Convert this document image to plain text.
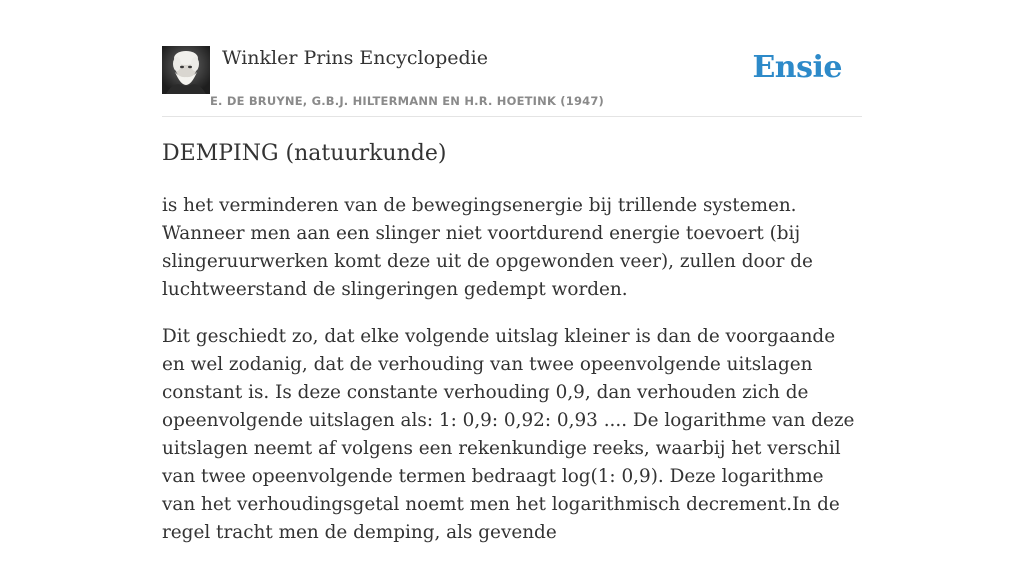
Winkler Prins Encyclopedie
E. DE BRUYNE, G.B.J. HILTERMANN EN H.R. HOETINK (1947)
Ensie
DEMPING (natuurkunde)

is het verminderen van de bewegingsenergie bij trillende systemen. Wanneer men aan een slinger niet voortdurend energie toevoert (bij slingeruurwerken komt deze uit de opgewonden veer), zullen door de luchtweerstand de slingeringen gedempt worden.

Dit geschiedt zo, dat elke volgende uitslag kleiner is dan de voorgaande en wel zodanig, dat de verhouding van twee opeenvolgende uitslagen constant is. Is deze constante verhouding 0,9, dan verhouden zich de opeenvolgende uitslagen als: 1: 0,9: 0,92: 0,93 .... De logarithme van deze uitslagen neemt af volgens een rekenkundige reeks, waarbij het verschil van twee opeenvolgende termen bedraagt log(1: 0,9). Deze logarithme van het verhoudingsgetal noemt men het logarithmisch decrement.In de regel tracht men de demping, als gevende
